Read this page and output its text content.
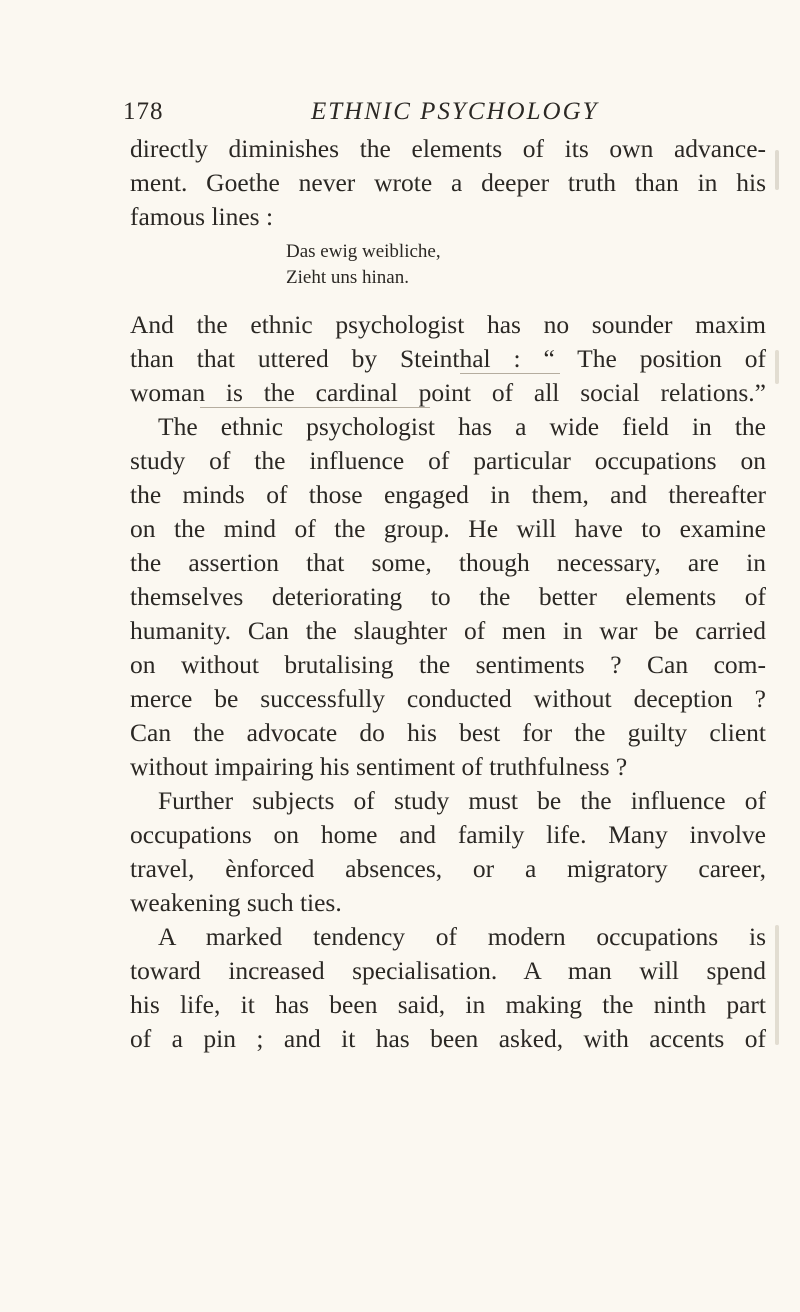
178	ETHNIC PSYCHOLOGY
directly diminishes the elements of its own advance-
ment. Goethe never wrote a deeper truth than in his
famous lines :
Das ewig weibliche,
Zieht uns hinan.
And the ethnic psychologist has no sounder maxim
than that uttered by Steinthal : “ The position of
woman is the cardinal point of all social relations.”
The ethnic psychologist has a wide field in the
study of the influence of particular occupations on
the minds of those engaged in them, and thereafter
on the mind of the group. He will have to examine
the assertion that some, though necessary, are in
themselves deteriorating to the better elements of
humanity. Can the slaughter of men in war be carried
on without brutalising the sentiments ? Can com-
merce be successfully conducted without deception ?
Can the advocate do his best for the guilty client
without impairing his sentiment of truthfulness ?
Further subjects of study must be the influence of
occupations on home and family life. Many involve
travel, ènforced absences, or a migratory career,
weakening such ties.
A marked tendency of modern occupations is
toward increased specialisation. A man will spend
his life, it has been said, in making the ninth part
of a pin ; and it has been asked, with accents of
